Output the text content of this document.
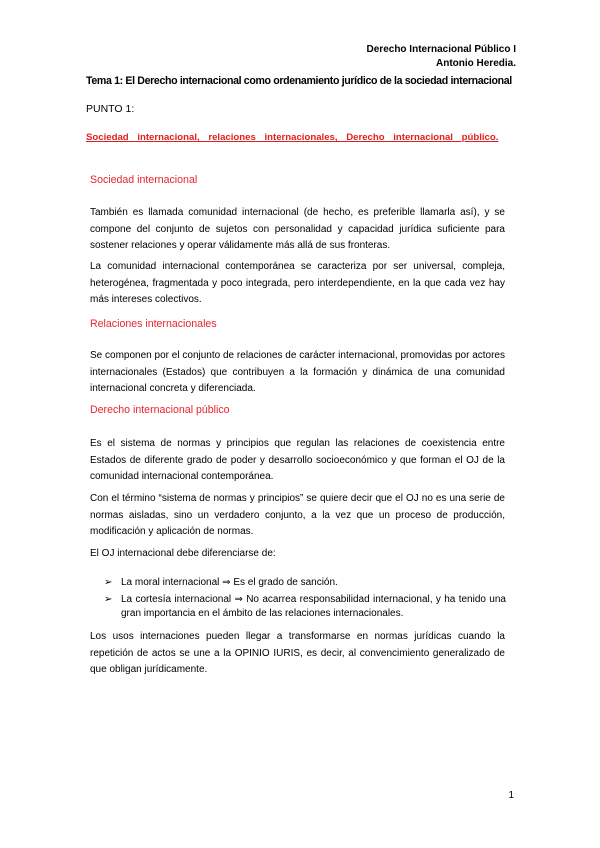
Derecho Internacional Público I
Antonio Heredia.
Tema 1: El Derecho internacional como ordenamiento jurídico de la sociedad internacional
PUNTO 1:
Sociedad internacional, relaciones internacionales, Derecho internacional público.
Sociedad internacional
También es llamada comunidad internacional (de hecho, es preferible llamarla así), y se compone del conjunto de sujetos con personalidad y capacidad jurídica suficiente para sostener relaciones y operar válidamente más allá de sus fronteras.
La comunidad internacional contemporánea se caracteriza por ser universal, compleja, heterogénea, fragmentada y poco integrada, pero interdependiente, en la que cada vez hay más intereses colectivos.
Relaciones internacionales
Se componen por el conjunto de relaciones de carácter internacional, promovidas por actores internacionales (Estados) que contribuyen a la formación y dinámica de una comunidad internacional concreta y diferenciada.
Derecho internacional público
Es el sistema de normas y principios que regulan las relaciones de coexistencia entre Estados de diferente grado de poder y desarrollo socioeconómico y que forman el OJ de la comunidad internacional contemporánea.
Con el término “sistema de normas y principios” se quiere decir que el OJ no es una serie de normas aisladas, sino un verdadero conjunto, a la vez que un proceso de producción, modificación y aplicación de normas.
El OJ internacional debe diferenciarse de:
➢ La moral internacional ⇒ Es el grado de sanción.
➢ La cortesía internacional ⇒ No acarrea responsabilidad internacional, y ha tenido una gran importancia en el ámbito de las relaciones internacionales.
Los usos internaciones pueden llegar a transformarse en normas jurídicas cuando la repetición de actos se une a la OPINIO IURIS, es decir, al convencimiento generalizado de que obligan jurídicamente.
1
